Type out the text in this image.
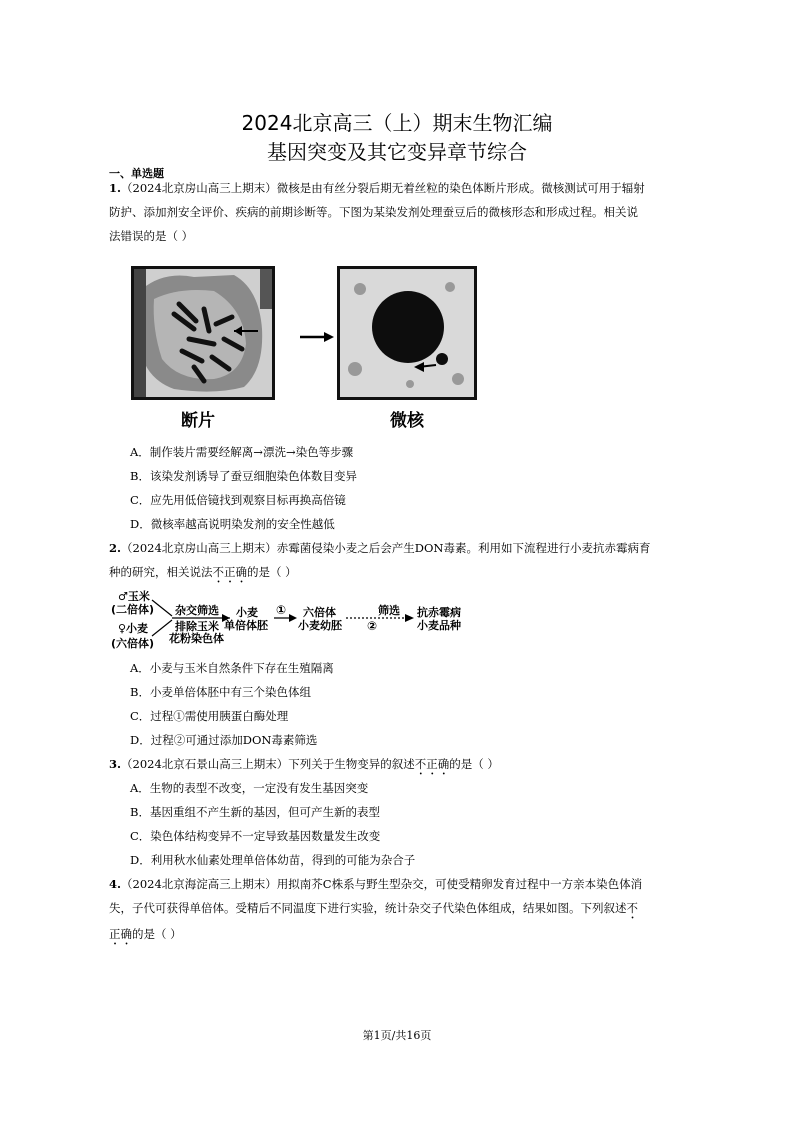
2024北京高三（上）期末生物汇编
基因突变及其它变异章节综合
一、单选题
1.（2024北京房山高三上期末）微核是由有丝分裂后期无着丝粒的染色体断片形成。微核测试可用于辐射
防护、添加剂安全评价、疾病的前期诊断等。下图为某染发剂处理蚕豆后的微核形态和形成过程。相关说
法错误的是（ ）
断片	微核
A．制作装片需要经解离→漂洗→染色等步骤
B．该染发剂诱导了蚕豆细胞染色体数目变异
C．应先用低倍镜找到观察目标再换高倍镜
D．微核率越高说明染发剂的安全性越低
2.（2024北京房山高三上期末）赤霉菌侵染小麦之后会产生DON毒素。利用如下流程进行小麦抗赤霉病育
种的研究，相关说法不正确的是（ ）
♂玉米
(二倍体)
♀小麦
(六倍体)
杂交筛选
排除玉米
花粉染色体
小麦
单倍体胚
① 六倍体
小麦幼胚 ②
筛选 抗赤霉病
小麦品种
A．小麦与玉米自然条件下存在生殖隔离
B．小麦单倍体胚中有三个染色体组
C．过程①需使用胰蛋白酶处理
D．过程②可通过添加DON毒素筛选
3.（2024北京石景山高三上期末）下列关于生物变异的叙述不正确的是（ ）
A．生物的表型不改变，一定没有发生基因突变
B．基因重组不产生新的基因，但可产生新的表型
C．染色体结构变异不一定导致基因数量发生改变
D．利用秋水仙素处理单倍体幼苗，得到的可能为杂合子
4.（2024北京海淀高三上期末）用拟南芥C株系与野生型杂交，可使受精卵发育过程中一方亲本染色体消
失，子代可获得单倍体。受精后不同温度下进行实验，统计杂交子代染色体组成，结果如图。下列叙述不
正确的是（ ）
第1页/共16页
